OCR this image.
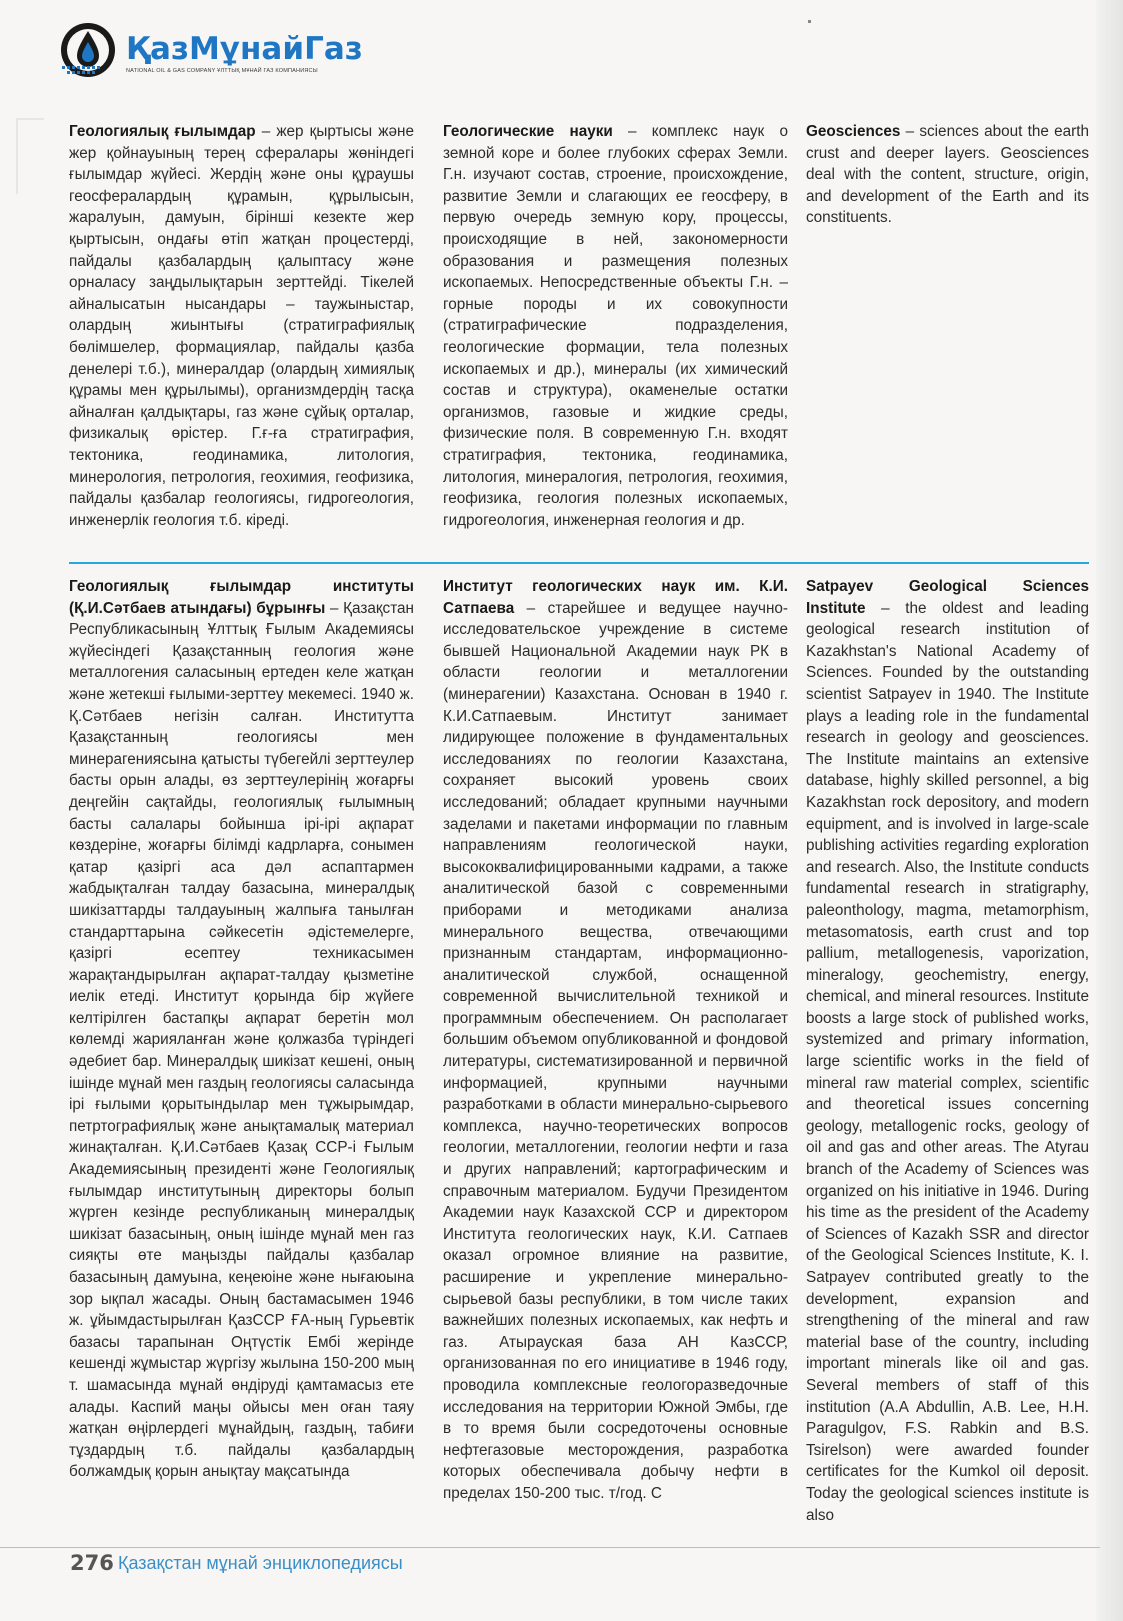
ҚазМұнайГаз
NATIONAL OIL & GAS COMPANY ҰЛТТЫҚ МҰНАЙ ГАЗ КОМПАНИЯСЫ

Геологиялық ғылымдар – жер қыртысы және жер қойнауының терең сфералары жөніндегі ғылымдар жүйесі. Жердің және оны құраушы геосфералардың құрамын, құрылысын, жаралуын, дамуын, бірінші кезекте жер қыртысын, ондағы өтіп жатқан процестерді, пайдалы қазбалардың қалыптасу және орналасу заңдылықтарын зерттейді. Тікелей айналысатын нысандары – таужыныстар, олардың жиынтығы (стратиграфиялық бөлімшелер, формациялар, пайдалы қазба денелері т.б.), минералдар (олардың химиялық құрамы мен құрылымы), организмдердің тасқа айналған қалдықтары, газ және сұйық орталар, физикалық өрістер. Г.ғ-ға стратиграфия, тектоника, геодинамика, литология, минерология, петрология, геохимия, геофизика, пайдалы қазбалар геологиясы, гидрогеология, инженерлік геология т.б. кіреді.

Геологические науки – комплекс наук о земной коре и более глубоких сферах Земли. Г.н. изучают состав, строение, происхождение, развитие Земли и слагающих ее геосферу, в первую очередь земную кору, процессы, происходящие в ней, закономерности образования и размещения полезных ископаемых. Непосредственные объекты Г.н. – горные породы и их совокупности (стратиграфические подразделения, геологические формации, тела полезных ископаемых и др.), минералы (их химический состав и структура), окаменелые остатки организмов, газовые и жидкие среды, физические поля. В современную Г.н. входят стратиграфия, тектоника, геодинамика, литология, минералогия, петрология, геохимия, геофизика, геология полезных ископаемых, гидрогеология, инженерная геология и др.

Geosciences – sciences about the earth crust and deeper layers. Geosciences deal with the content, structure, origin, and development of the Earth and its constituents.

Геологиялық ғылымдар институты (Қ.И.Сәтбаев атындағы) бұрынғы – Қазақстан Республикасының Ұлттық Ғылым Академиясы жүйесіндегі Қазақстанның геология және металлогения саласының ертеден келе жатқан және жетекші ғылыми-зерттеу мекемесі. 1940 ж. Қ.Сәтбаев негізін салған. Институтта Қазақстанның геологиясы мен минерагениясына қатысты түбегейлі зерттеулер басты орын алады, өз зерттеулерінің жоғарғы деңгейін сақтайды, геологиялық ғылымның басты салалары бойынша ірі-ірі ақпарат көздеріне, жоғарғы білімді кадрларға, сонымен қатар қазіргі аса дәл аспаптармен жабдықталған талдау базасына, минералдық шикізаттарды талдауының жалпыға танылған стандарттарына сәйкесетін әдістемелерге, қазіргі есептеу техникасымен жарақтандырылған ақпарат-талдау қызметіне иелік етеді. Институт қорында бір жүйеге келтірілген бастапқы ақпарат беретін мол көлемді жарияланған және қолжазба түріндегі әдебиет бар. Минералдық шикізат кешені, оның ішінде мұнай мен газдың геологиясы саласында ірі ғылыми қорытындылар мен тұжырымдар, петртографиялық және анықтамалық материал жинақталған. Қ.И.Сәтбаев Қазақ ССР-і Ғылым Академиясының президенті және Геологиялық ғылымдар институтының директоры болып жүрген кезінде республиканың минералдық шикізат базасының, оның ішінде мұнай мен газ сияқты өте маңызды пайдалы қазбалар базасының дамуына, кеңеюіне және нығаюына зор ықпал жасады. Оның бастамасымен 1946 ж. ұйымдастырылған ҚазССР ҒА-ның Гурьевтік базасы тарапынан Оңтүстік Ембі жерінде кешенді жұмыстар жүргізу жылына 150-200 мың т. шамасында мұнай өндіруді қамтамасыз ете алады. Каспий маңы ойысы мен оған таяу жатқан өңірлердегі мұнайдың, газдың, табиғи тұздардың т.б. пайдалы қазбалардың болжамдық қорын анықтау мақсатында

Институт геологических наук им. К.И. Сатпаева – старейшее и ведущее научно-исследовательское учреждение в системе бывшей Национальной Академии наук РК в области геологии и металлогении (минерагении) Казахстана. Основан в 1940 г. К.И.Сатпаевым. Институт занимает лидирующее положение в фундаментальных исследованиях по геологии Казахстана, сохраняет высокий уровень своих исследований; обладает крупными научными заделами и пакетами информации по главным направлениям геологической науки, высококвалифицированными кадрами, а также аналитической базой с современными приборами и методиками анализа минерального вещества, отвечающими признанным стандартам, информационно-аналитической службой, оснащенной современной вычислительной техникой и программным обеспечением. Он располагает большим объемом опубликованной и фондовой литературы, систематизированной и первичной информацией, крупными научными разработками в области минерально-сырьевого комплекса, научно-теоретических вопросов геологии, металлогении, геологии нефти и газа и других направлений; картографическим и справочным материалом. Будучи Президентом Академии наук Казахской ССР и директором Института геологических наук, К.И. Сатпаев оказал огромное влияние на развитие, расширение и укрепление минерально-сырьевой базы республики, в том числе таких важнейших полезных ископаемых, как нефть и газ. Атырауская база АН КазССР, организованная по его инициативе в 1946 году, проводила комплексные геологоразведочные исследования на территории Южной Эмбы, где в то время были сосредоточены основные нефтегазовые месторождения, разработка которых обеспечивала добычу нефти в пределах 150-200 тыс. т/год. С

Satpayev Geological Sciences Institute – the oldest and leading geological research institution of Kazakhstan's National Academy of Sciences. Founded by the outstanding scientist Satpayev in 1940. The Institute plays a leading role in the fundamental research in geology and geosciences. The Institute maintains an extensive database, highly skilled personnel, a big Kazakhstan rock depository, and modern equipment, and is involved in large-scale publishing activities regarding exploration and research. Also, the Institute conducts fundamental research in stratigraphy, paleonthology, magma, metamorphism, metasomatosis, earth crust and top pallium, metallogenesis, vaporization, mineralogy, geochemistry, energy, chemical, and mineral resources. Institute boosts a large stock of published works, systemized and primary information, large scientific works in the field of mineral raw material complex, scientific and theoretical issues concerning geology, metallogenic rocks, geology of oil and gas and other areas. The Atyrau branch of the Academy of Sciences was organized on his initiative in 1946. During his time as the president of the Academy of Sciences of Kazakh SSR and director of the Geological Sciences Institute, K. I. Satpayev contributed greatly to the development, expansion and strengthening of the mineral and raw material base of the country, including important minerals like oil and gas. Several members of staff of this institution (A.A Abdullin, A.B. Lee, H.H. Paragulgov, F.S. Rabkin and B.S. Tsirelson) were awarded founder certificates for the Kumkol oil deposit. Today the geological sciences institute is also

276 Қазақстан мұнай энциклопедиясы
